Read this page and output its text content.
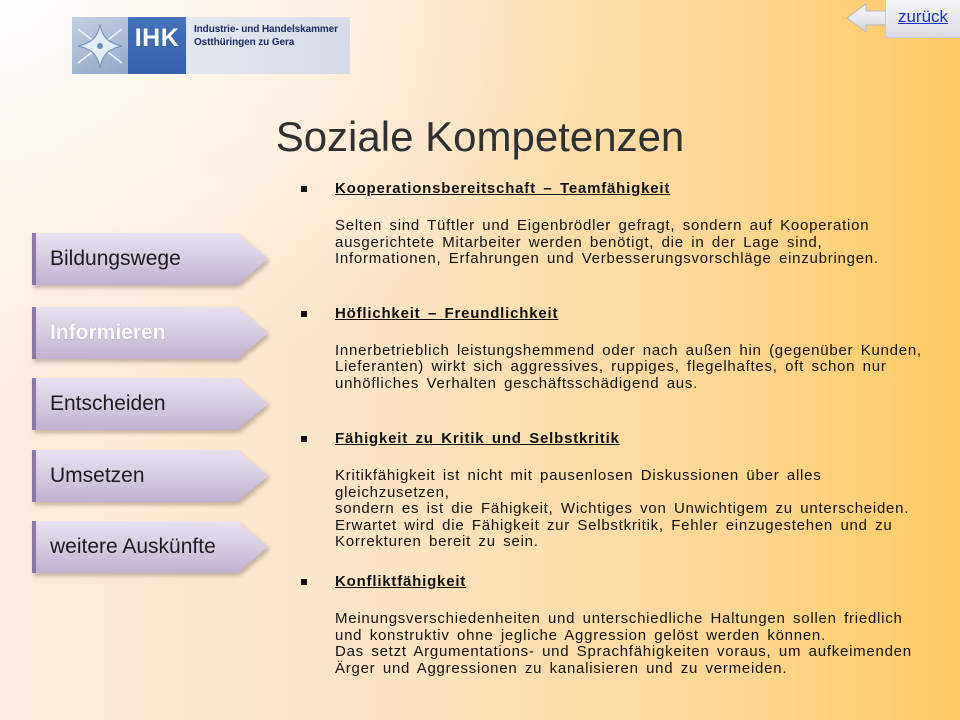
IHK	Industrie- und Handelskammer
Ostthüringen zu Gera
zurück
Soziale Kompetenzen
Bildungswege
Informieren
Entscheiden
Umsetzen
weitere Auskünfte
Kooperationsbereitschaft – Teamfähigkeit
Selten sind Tüftler und Eigenbrödler gefragt, sondern auf Kooperation
ausgerichtete Mitarbeiter werden benötigt, die in der Lage sind,
Informationen, Erfahrungen und Verbesserungsvorschläge einzubringen.
Höflichkeit – Freundlichkeit
Innerbetrieblich leistungshemmend oder nach außen hin (gegenüber Kunden,
Lieferanten) wirkt sich aggressives, ruppiges, flegelhaftes, oft schon nur
unhöfliches Verhalten geschäftsschädigend aus.
Fähigkeit zu Kritik und Selbstkritik
Kritikfähigkeit ist nicht mit pausenlosen Diskussionen über alles
gleichzusetzen,
sondern es ist die Fähigkeit, Wichtiges von Unwichtigem zu unterscheiden.
Erwartet wird die Fähigkeit zur Selbstkritik, Fehler einzugestehen und zu
Korrekturen bereit zu sein.
Konfliktfähigkeit
Meinungsverschiedenheiten und unterschiedliche Haltungen sollen friedlich
und konstruktiv ohne jegliche Aggression gelöst werden können.
Das setzt Argumentations- und Sprachfähigkeiten voraus, um aufkeimenden
Ärger und Aggressionen zu kanalisieren und zu vermeiden.
